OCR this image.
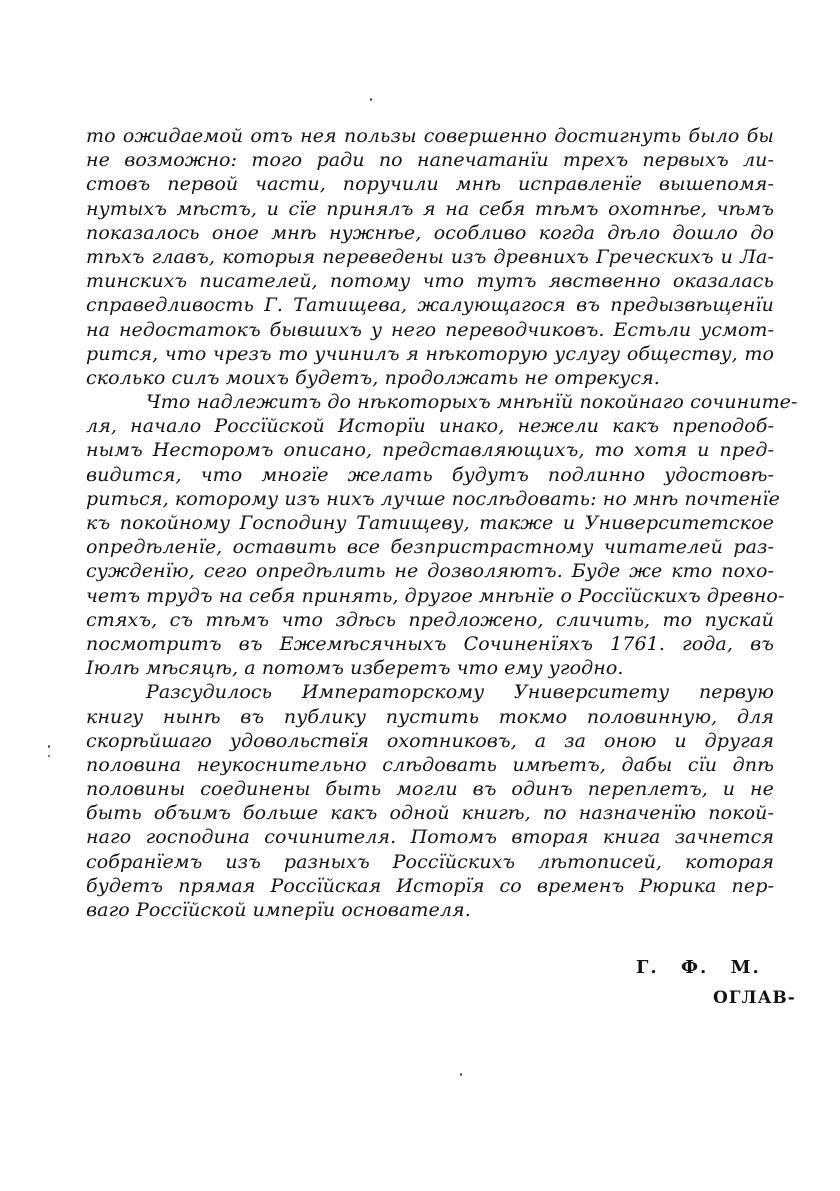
то ожидаемой отъ нея пользы совершенно достигнуть было бы
не возможно: того ради по напечатанїи трехъ первыхъ ли-
стовъ первой части, поручили мнѣ исправленїе вышепомя-
нутыхъ мѣстъ, и сїе принялъ я на себя тѣмъ охотнѣе, чѣмъ
показалось оное мнѣ нужнѣе, особливо когда дѣло дошло до
тѣхъ главъ, которыя переведены изъ древнихъ Греческихъ и Ла-
тинскихъ писателей, потому что тутъ явственно оказалась
справедливость Г. Татищева, жалующагося въ предызвѣщенїи
на недостатокъ бывшихъ у него переводчиковъ. Естьли усмот-
рится, что чрезъ то учинилъ я нѣкоторую услугу обществу, то
сколько силъ моихъ будетъ, продолжать не отрекуся.
Что надлежитъ до нѣкоторыхъ мнѣнїй покойнаго сочините-
ля, начало Россїйской Исторїи инако, нежели какъ преподоб-
нымъ Несторомъ описано, представляющихъ, то хотя и пред-
видится, что многїе желать будутъ подлинно удостовѣ-
риться, которому изъ нихъ лучше послѣдовать: но мнѣ почтенїе
къ покойному Господину Татищеву, также и Университетское
опредѣленїе, оставить все безпристрастному читателей раз-
сужденїю, сего опредѣлить не дозволяютъ. Буде же кто похо-
четъ трудъ на себя принять, другое мнѣнїе о Россїйскихъ древно-
стяхъ, съ тѣмъ что здѣсь предложено, сличить, то пускай
посмотритъ въ Ежемѣсячныхъ Сочиненїяхъ 1761. года, въ
Iюлѣ мѣсяцѣ, а потомъ изберетъ что ему угодно.
Разсудилось Императорскому Университету первую
книгу нынѣ въ публику пустить токмо половинную, для
скорѣйшаго удовольствїя охотниковъ, а за оною и другая
половина неукоснительно слѣдовать имѣетъ, дабы сїи дпѣ
половины соединены быть могли въ одинъ переплетъ, и не
быть объимъ больше какъ одной книгѣ, по назначенїю покой-
наго господина сочинителя. Потомъ вторая книга зачнется
собранїемъ изъ разныхъ Россїйскихъ лѣтописей, которая
будетъ прямая Россїйская Исторїя со временъ Рюрика пер-
ваго Россїйской имперїи основателя.
Г. Ф. М.
ОГЛАВ-
